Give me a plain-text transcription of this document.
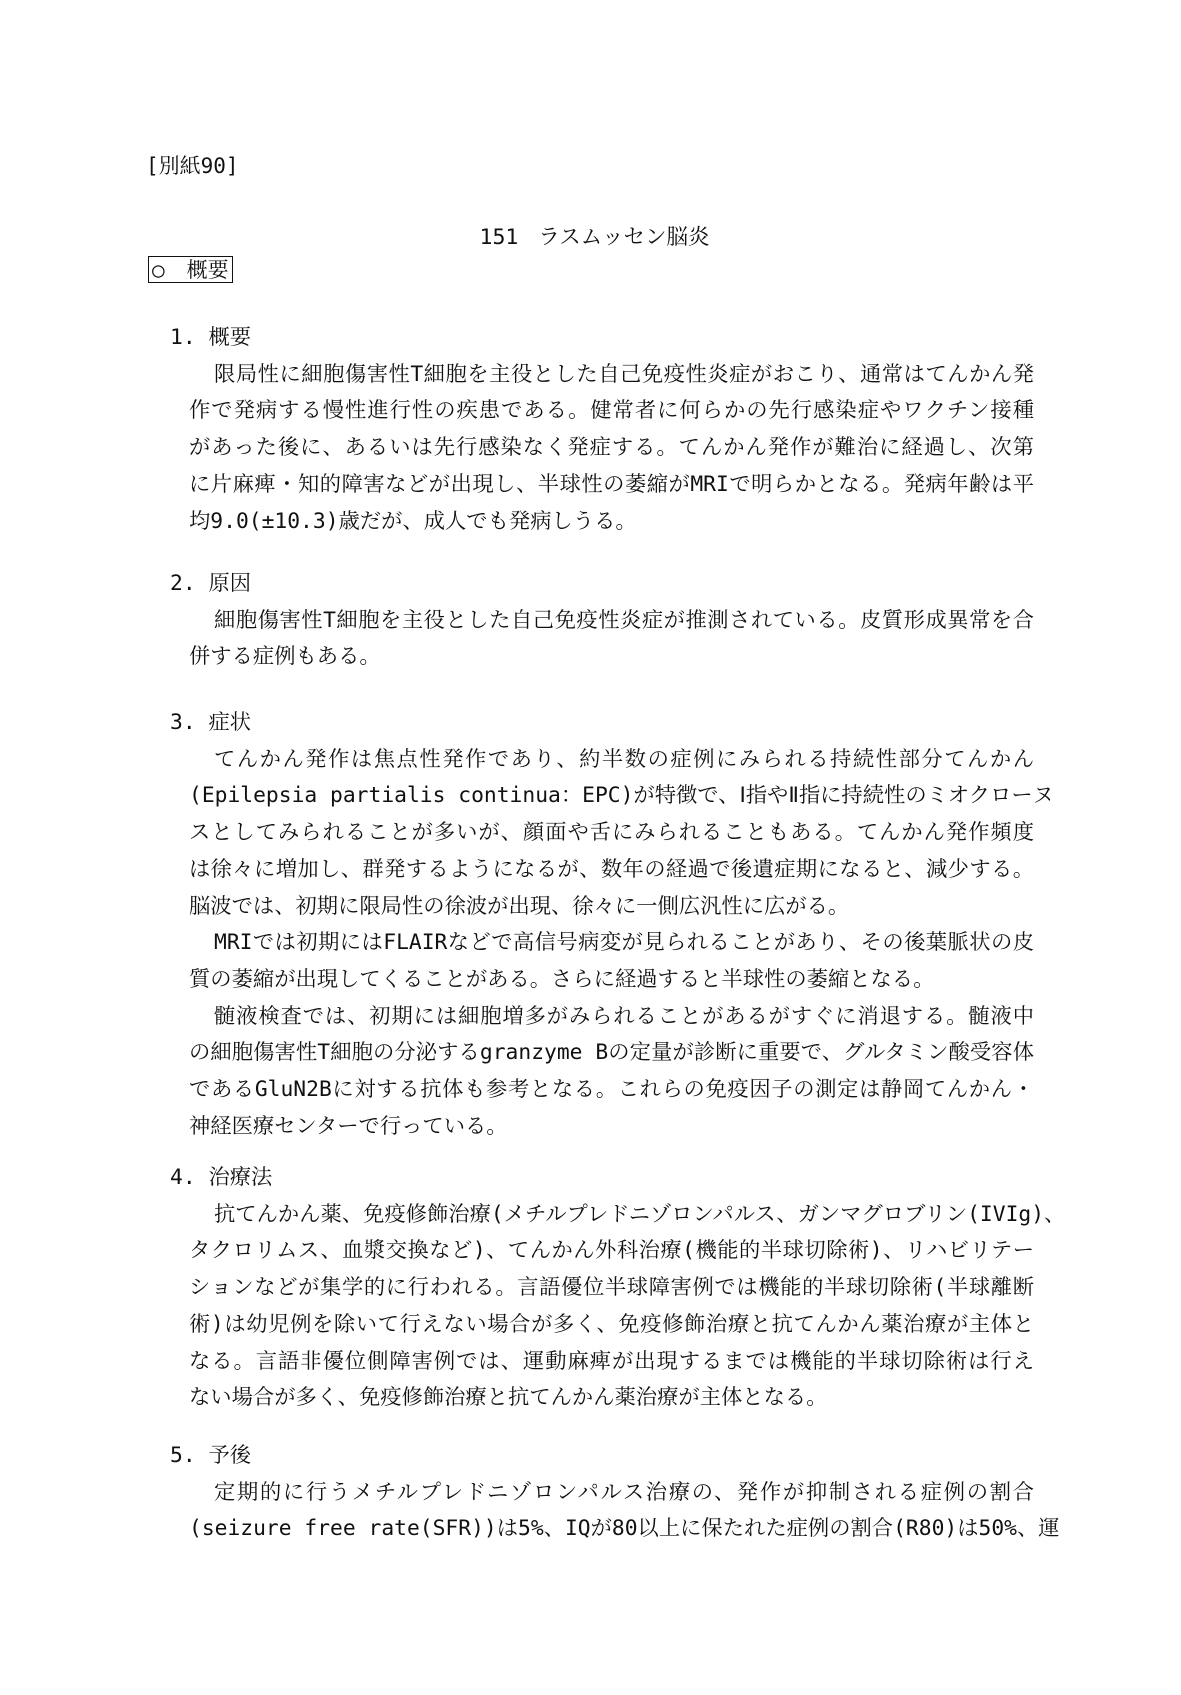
[別紙90]
151 ラスムッセン脳炎
○ 概要
1. 概要
限局性に細胞傷害性T細胞を主役とした自己免疫性炎症がおこり、通常はてんかん発
作で発病する慢性進行性の疾患である。健常者に何らかの先行感染症やワクチン接種
があった後に、あるいは先行感染なく発症する。てんかん発作が難治に経過し、次第
に片麻痺・知的障害などが出現し、半球性の萎縮がMRIで明らかとなる。発病年齢は平
均9.0(±10.3)歳だが、成人でも発病しうる。
2. 原因
細胞傷害性T細胞を主役とした自己免疫性炎症が推測されている。皮質形成異常を合
併する症例もある。
3. 症状
てんかん発作は焦点性発作であり、約半数の症例にみられる持続性部分てんかん
(Epilepsia partialis continua：EPC)が特徴で、Ⅰ指やⅡ指に持続性のミオクローヌ
スとしてみられることが多いが、顔面や舌にみられることもある。てんかん発作頻度
は徐々に増加し、群発するようになるが、数年の経過で後遺症期になると、減少する。
脳波では、初期に限局性の徐波が出現、徐々に一側広汎性に広がる。
MRIでは初期にはFLAIRなどで高信号病変が見られることがあり、その後葉脈状の皮
質の萎縮が出現してくることがある。さらに経過すると半球性の萎縮となる。
髄液検査では、初期には細胞増多がみられることがあるがすぐに消退する。髄液中
の細胞傷害性T細胞の分泌するgranzyme Bの定量が診断に重要で、グルタミン酸受容体
であるGluN2Bに対する抗体も参考となる。これらの免疫因子の測定は静岡てんかん・
神経医療センターで行っている。
4. 治療法
抗てんかん薬、免疫修飾治療(メチルプレドニゾロンパルス、ガンマグロブリン(IVIg)、
タクロリムス、血漿交換など)、てんかん外科治療(機能的半球切除術)、リハビリテー
ションなどが集学的に行われる。言語優位半球障害例では機能的半球切除術(半球離断
術)は幼児例を除いて行えない場合が多く、免疫修飾治療と抗てんかん薬治療が主体と
なる。言語非優位側障害例では、運動麻痺が出現するまでは機能的半球切除術は行え
ない場合が多く、免疫修飾治療と抗てんかん薬治療が主体となる。
5. 予後
定期的に行うメチルプレドニゾロンパルス治療の、発作が抑制される症例の割合
(seizure free rate(SFR))は5%、IQが80以上に保たれた症例の割合(R80)は50%、運
